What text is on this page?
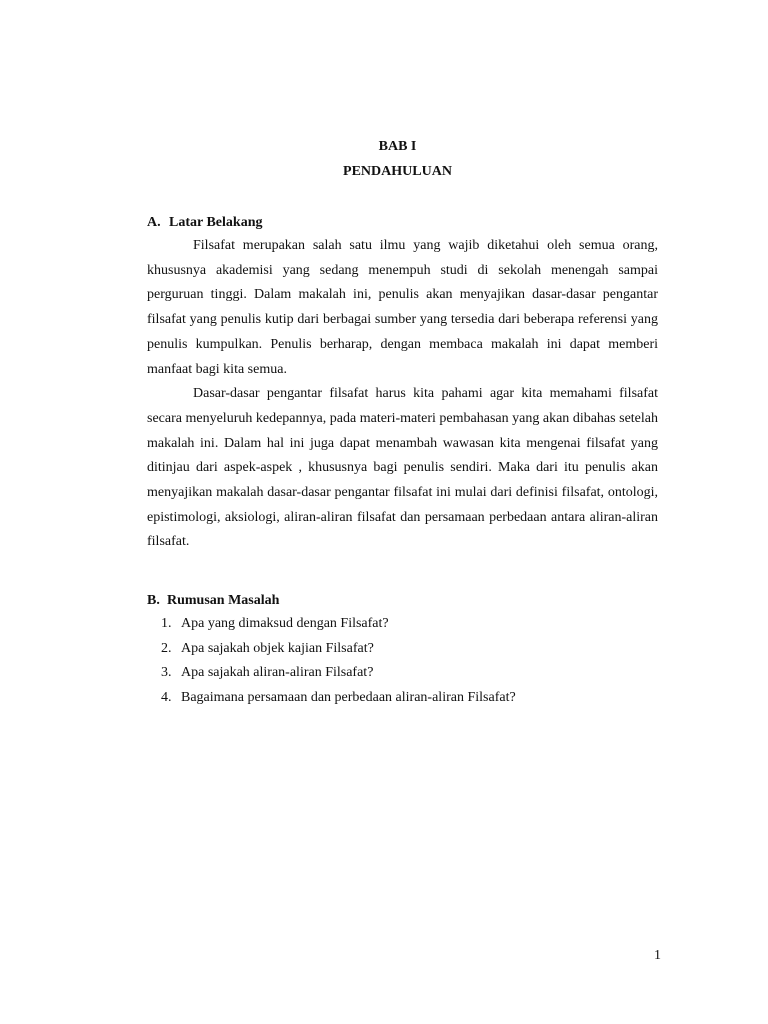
BAB I
PENDAHULUAN
A. Latar Belakang

Filsafat merupakan salah satu ilmu yang wajib diketahui oleh semua orang, khususnya akademisi yang sedang menempuh studi di sekolah menengah sampai perguruan tinggi. Dalam makalah ini, penulis akan menyajikan dasar-dasar pengantar filsafat yang penulis kutip dari berbagai sumber yang tersedia dari beberapa referensi yang penulis kumpulkan. Penulis berharap, dengan membaca makalah ini dapat memberi manfaat bagi kita semua.

Dasar-dasar pengantar filsafat harus kita pahami agar kita memahami filsafat secara menyeluruh kedepannya, pada materi-materi pembahasan yang akan dibahas setelah makalah ini. Dalam hal ini juga dapat menambah wawasan kita mengenai filsafat yang ditinjau dari aspek-aspek , khususnya bagi penulis sendiri. Maka dari itu penulis akan menyajikan makalah dasar-dasar pengantar filsafat ini mulai dari definisi filsafat, ontologi, epistimologi, aksiologi, aliran-aliran filsafat dan persamaan perbedaan antara aliran-aliran filsafat.

B. Rumusan Masalah
1. Apa yang dimaksud dengan Filsafat?
2. Apa sajakah objek kajian Filsafat?
3. Apa sajakah aliran-aliran Filsafat?
4. Bagaimana persamaan dan perbedaan aliran-aliran Filsafat?
1
